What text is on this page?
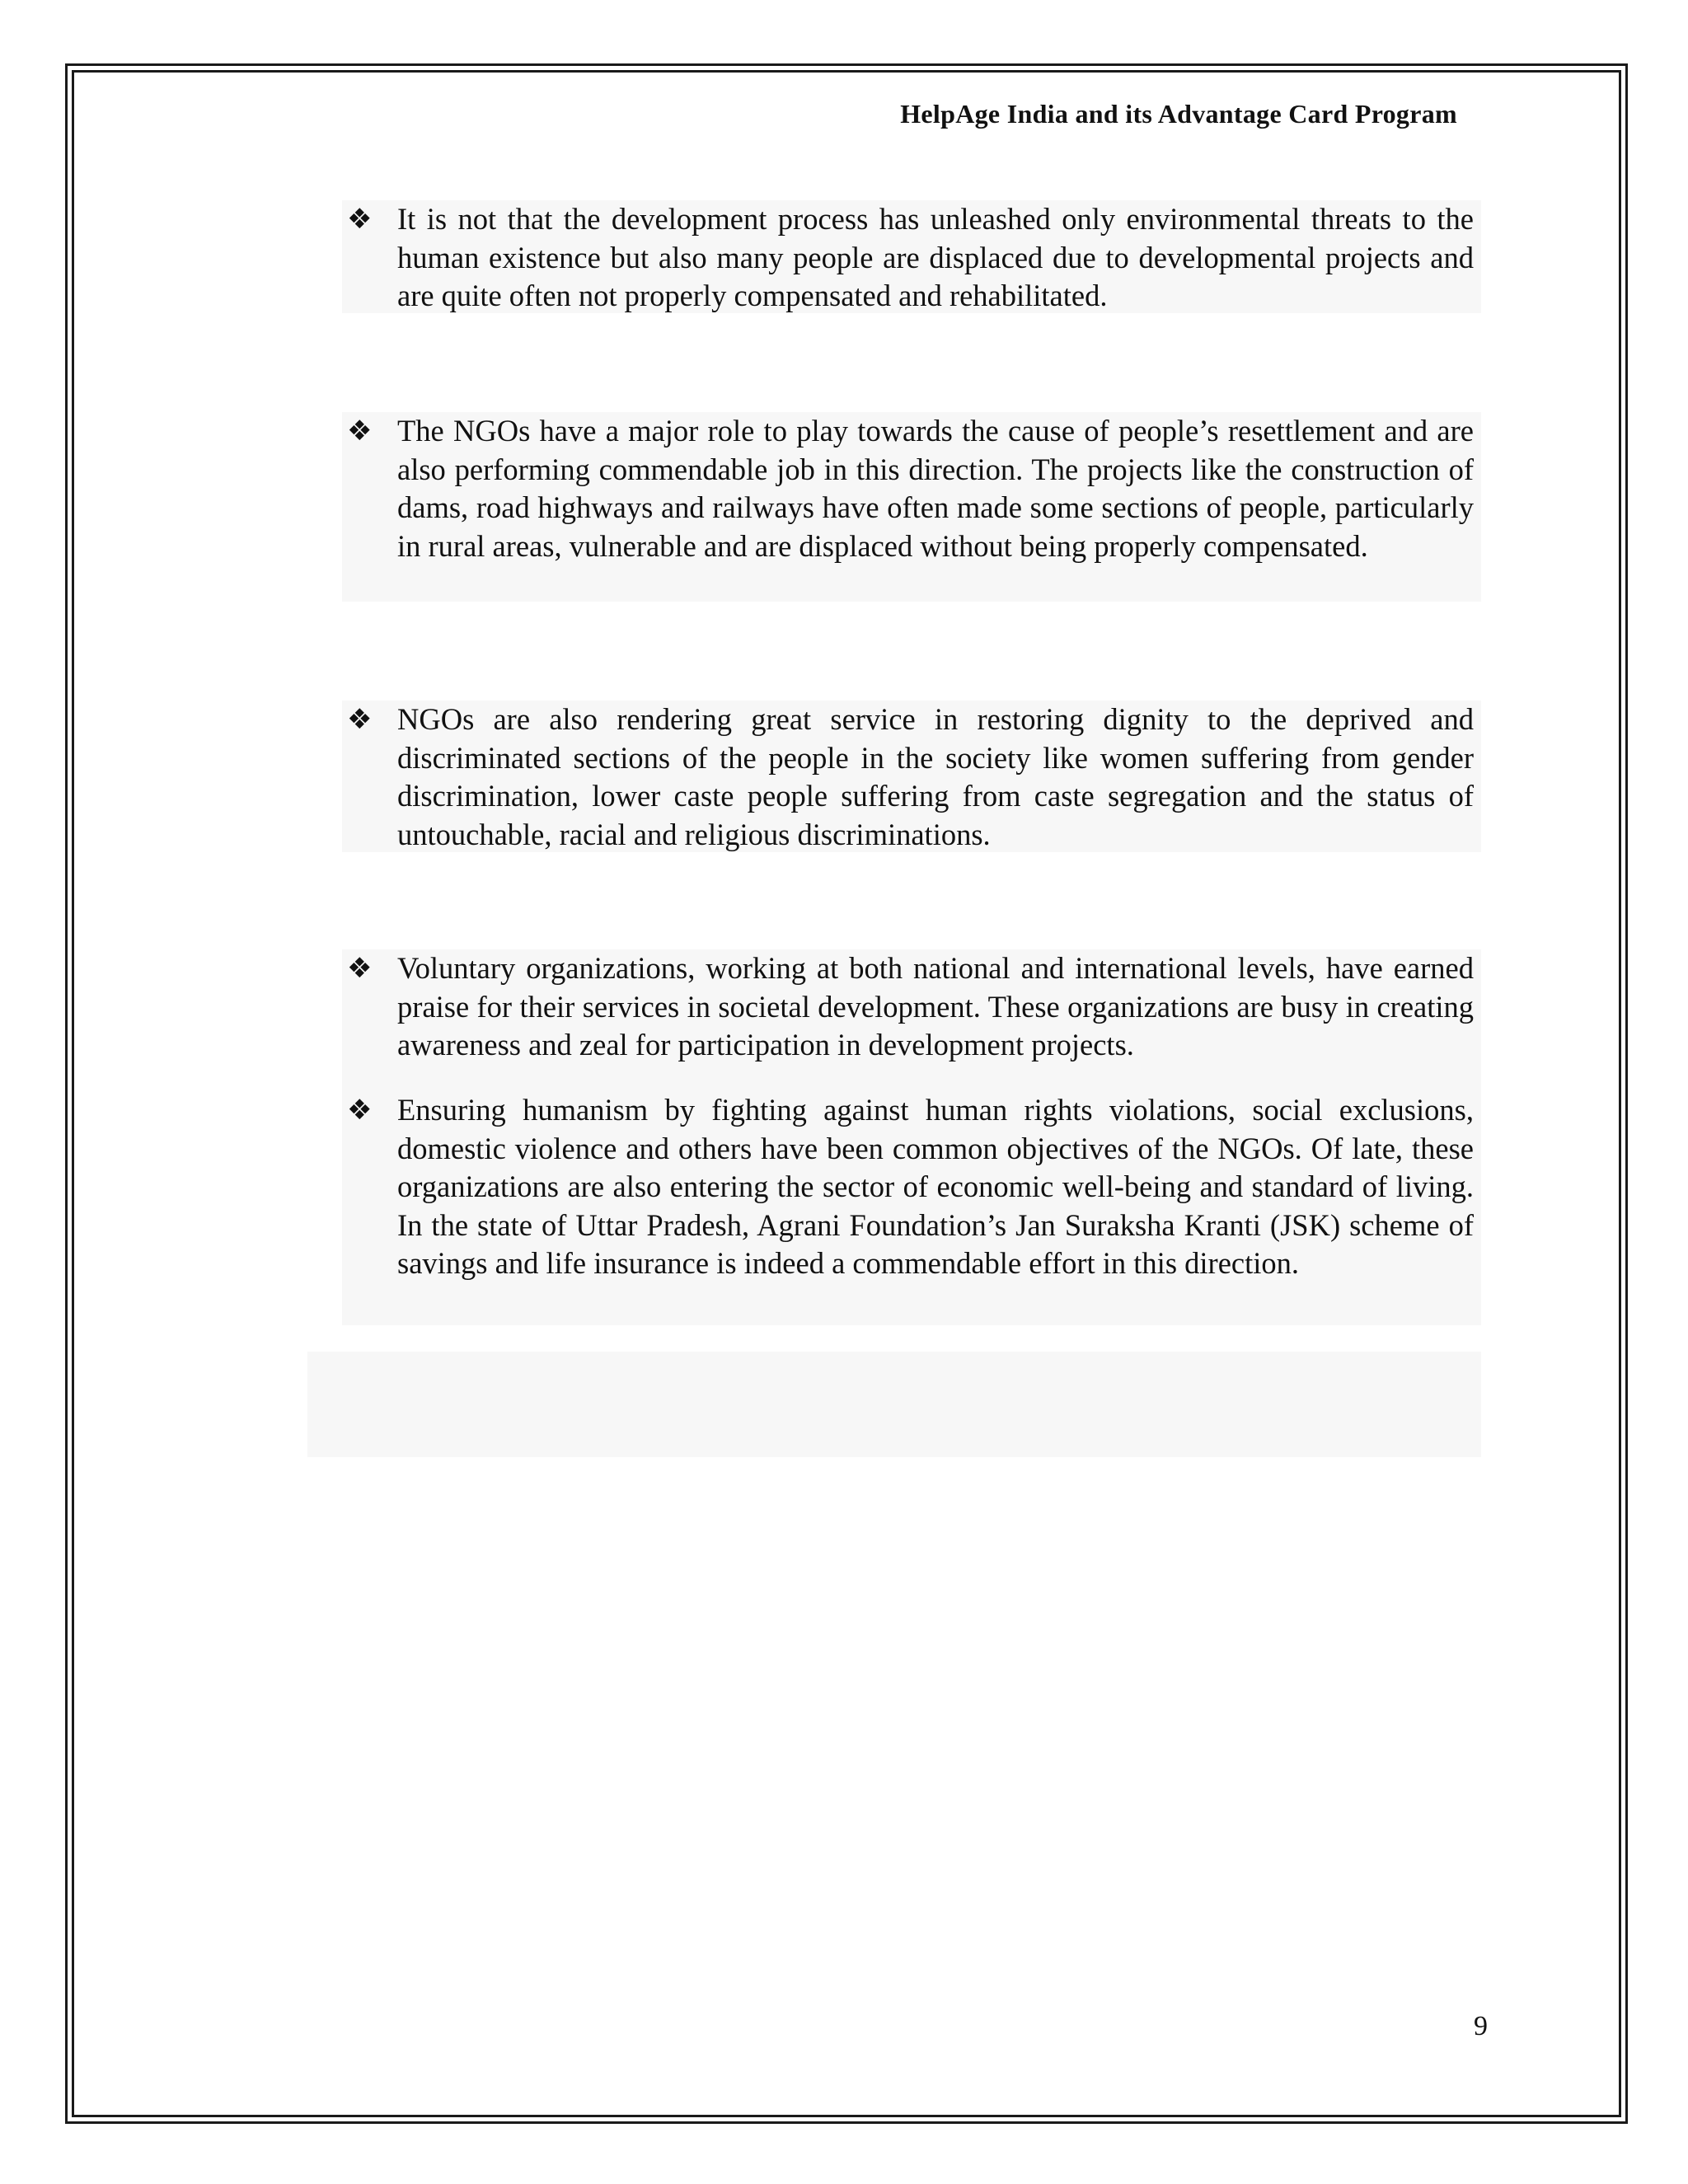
HelpAge India and its Advantage Card Program
❖ It is not that the development process has unleashed only environmental threats to the human existence but also many people are displaced due to developmental projects and are quite often not properly compensated and rehabilitated.
❖ The NGOs have a major role to play towards the cause of people’s resettlement and are also performing commendable job in this direction. The projects like the construction of dams, road highways and railways have often made some sections of people, particularly in rural areas, vulnerable and are displaced without being properly compensated.
❖ NGOs are also rendering great service in restoring dignity to the deprived and discriminated sections of the people in the society like women suffering from gender discrimination, lower caste people suffering from caste segregation and the status of untouchable, racial and religious discriminations.
❖ Voluntary organizations, working at both national and international levels, have earned praise for their services in societal development. These organizations are busy in creating awareness and zeal for participation in development projects.
❖ Ensuring humanism by fighting against human rights violations, social exclusions, domestic violence and others have been common objectives of the NGOs. Of late, these organizations are also entering the sector of economic well-being and standard of living. In the state of Uttar Pradesh, Agrani Foundation’s Jan Suraksha Kranti (JSK) scheme of savings and life insurance is indeed a commendable effort in this direction.
9
